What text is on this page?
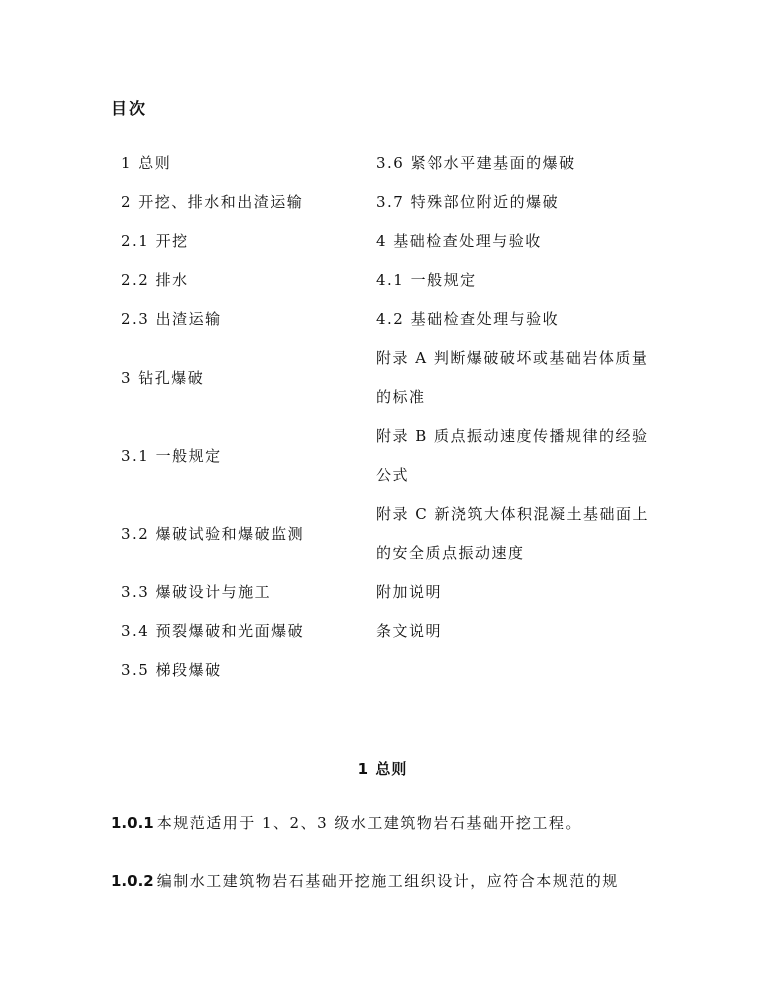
目次
1 总则	3.6 紧邻水平建基面的爆破

2 开挖、排水和出渣运输	3.7 特殊部位附近的爆破

2.1 开挖	4 基础检查处理与验收

2.2 排水	4.1 一般规定

2.3 出渣运输	4.2 基础检查处理与验收

3 钻孔爆破	附录 A 判断爆破破坏或基础岩体质量的标准

3.1 一般规定	附录 B 质点振动速度传播规律的经验公式

3.2 爆破试验和爆破监测	附录 C 新浇筑大体积混凝土基础面上的安全质点振动速度

3.3 爆破设计与施工	附加说明

3.4 预裂爆破和光面爆破	条文说明

3.5 梯段爆破	

1 总则
1.0.1 本规范适用于 1、2、3 级水工建筑物岩石基础开挖工程。
1.0.2 编制水工建筑物岩石基础开挖施工组织设计，应符合本规范的规
